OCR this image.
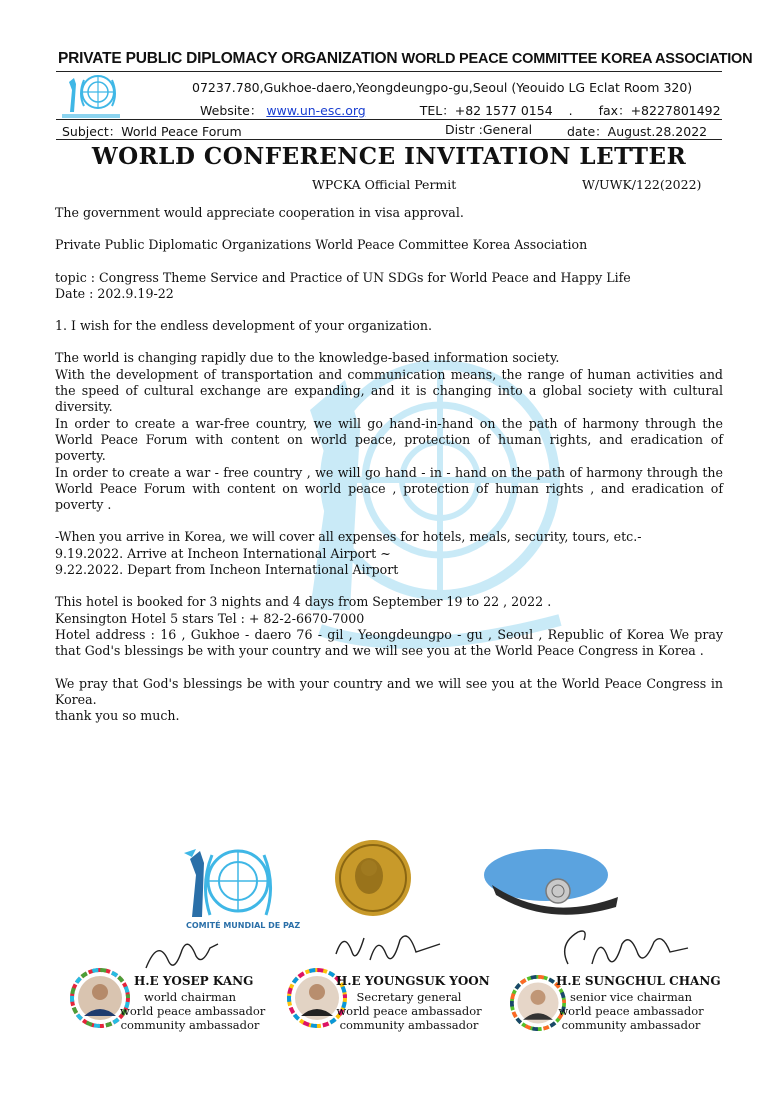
PRIVATE PUBLIC DIPLOMACY ORGANIZATION WORLD PEACE COMMITTEE KOREA ASSOCIATION
07237.780,Gukhoe-daero,Yeongdeungpo-gu,Seoul (Yeouido LG Eclat Room 320)
Website： www.un-esc.org	TEL：+82 1577 0154 . fax：+8227801492
Subject：World Peace Forum	Distr :General	date：August.28.2022
WORLD CONFERENCE INVITATION LETTER
WPCKA Official Permit	W/UWK/122(2022)

The government would appreciate cooperation in visa approval.

Private Public Diplomatic Organizations World Peace Committee Korea Association

topic : Congress Theme Service and Practice of UN SDGs for World Peace and Happy Life

Date : 202.9.19-22

1. I wish for the endless development of your organization.

The world is changing rapidly due to the knowledge-based information society.

With the development of transportation and communication means, the range of human activities and the speed of cultural exchange are expanding, and it is changing into a global society with cultural diversity.

In order to create a war-free country, we will go hand-in-hand on the path of harmony through the World Peace Forum with content on world peace, protection of human rights, and eradication of poverty.

In order to create a war - free country , we will go hand - in - hand on the path of harmony through the World Peace Forum with content on world peace , protection of human rights , and eradication of poverty .

-When you arrive in Korea, we will cover all expenses for hotels, meals, security, tours, etc.-

9.19.2022. Arrive at Incheon International Airport ~

9.22.2022. Depart from Incheon International Airport

This hotel is booked for 3 nights and 4 days from September 19 to 22 , 2022 .

Kensington Hotel 5 stars Tel : + 82-2-6670-7000

Hotel address : 16 , Gukhoe - daero 76 - gil , Yeongdeungpo - gu , Seoul , Republic of Korea We pray that God's blessings be with your country and we will see you at the World Peace Congress in Korea .

We pray that God's blessings be with your country and we will see you at the World Peace Congress in Korea.

thank you so much.

COMITÉ MUNDIAL DE PAZ
H.E YOSEP KANG
world chairman
world peace ambassador
community ambassador
H.E YOUNGSUK YOON
Secretary general
world peace ambassador
community ambassador
H.E SUNGCHUL CHANG
senior vice chairman
world peace ambassador
community ambassador
